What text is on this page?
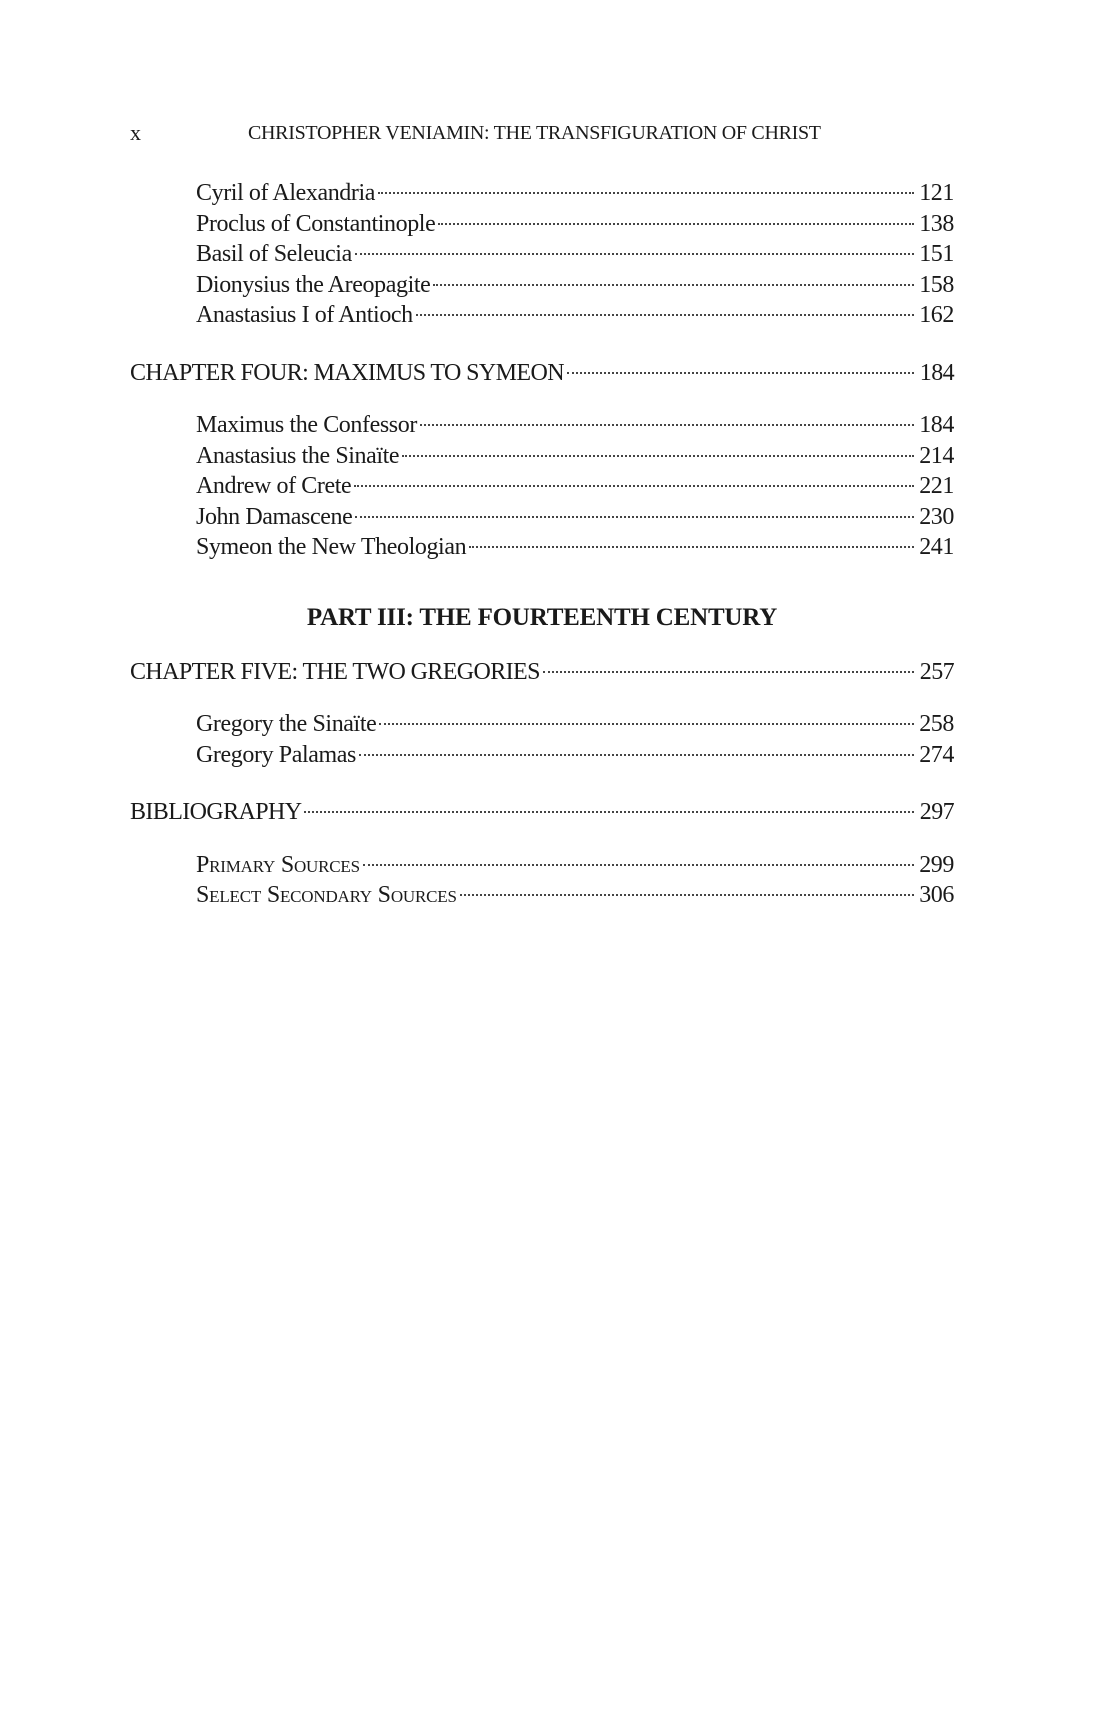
x	CHRISTOPHER VENIAMIN: THE TRANSFIGURATION OF CHRIST
Cyril of Alexandria	121
Proclus of Constantinople	138
Basil of Seleucia	151
Dionysius the Areopagite	158
Anastasius I of Antioch	162
CHAPTER FOUR: MAXIMUS TO SYMEON	184
Maximus the Confessor	184
Anastasius the Sinaïte	214
Andrew of Crete	221
John Damascene	230
Symeon the New Theologian	241
PART III: THE FOURTEENTH CENTURY
CHAPTER FIVE: THE TWO GREGORIES	257
Gregory the Sinaïte	258
Gregory Palamas	274
BIBLIOGRAPHY	297
Primary Sources	299
Select Secondary Sources	306
